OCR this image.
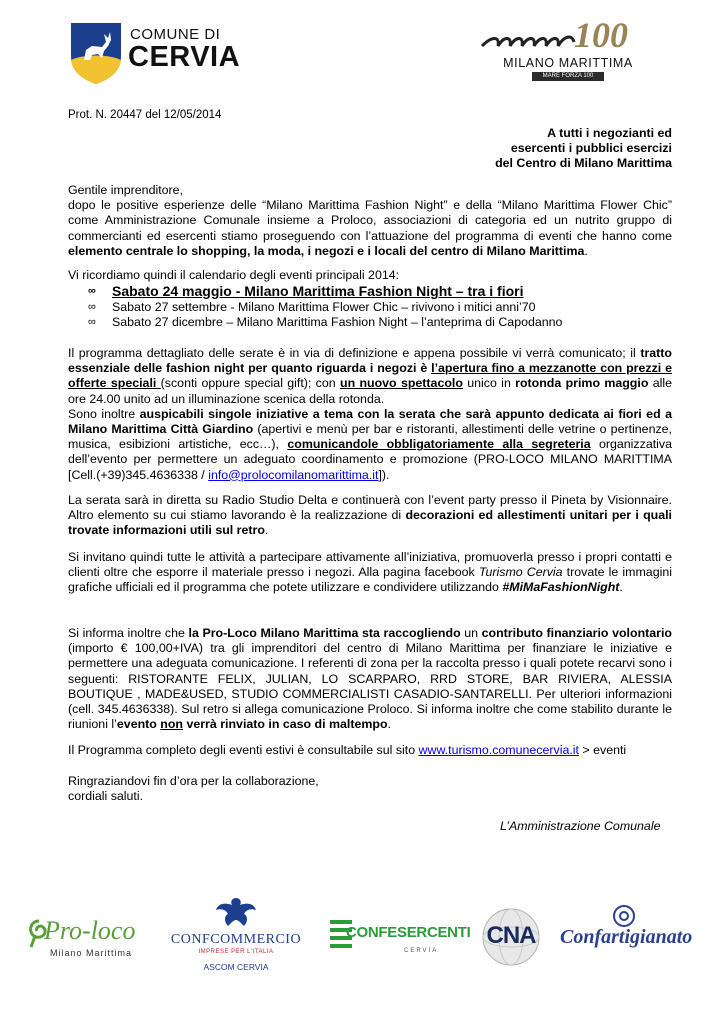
COMUNE DI
CERVIA
100
MILANO MARITTIMA
MARE FORZA 100
Prot. N. 20447 del 12/05/2014
A tutti i negozianti ed
esercenti i pubblici esercizi
del Centro di Milano Marittima
Gentile imprenditore,
dopo le positive esperienze delle “Milano Marittima Fashion Night” e della “Milano Marittima Flower Chic” come Amministrazione Comunale insieme a Proloco, associazioni di categoria ed un nutrito gruppo di commercianti ed esercenti stiamo proseguendo con l’attuazione del programma di eventi che hanno come elemento centrale lo shopping, la moda, i negozi e i locali del centro di Milano Marittima.
Vi ricordiamo quindi il calendario degli eventi principali 2014:
∞ Sabato 24 maggio - Milano Marittima Fashion Night – tra i fiori
∞ Sabato 27 settembre - Milano Marittima Flower Chic – rivivono i mitici anni’70
∞ Sabato 27 dicembre – Milano Marittima Fashion Night – l’anteprima di Capodanno
Il programma dettagliato delle serate è in via di definizione e appena possibile vi verrà comunicato; il tratto essenziale delle fashion night per quanto riguarda i negozi è l’apertura fino a mezzanotte con prezzi e offerte speciali (sconti oppure special gift); con un nuovo spettacolo unico in rotonda primo maggio alle ore 24.00 unito ad un illuminazione scenica della rotonda.
Sono inoltre auspicabili singole iniziative a tema con la serata che sarà appunto dedicata ai fiori ed a Milano Marittima Città Giardino (apertivi e menù per bar e ristoranti, allestimenti delle vetrine o pertinenze, musica, esibizioni artistiche, ecc…), comunicandole obbligatoriamente alla segreteria organizzativa dell’evento per permettere un adeguato coordinamento e promozione (PRO-LOCO MILANO MARITTIMA [Cell.(+39)345.4636338 / info@prolocomilanomarittima.it]).
La serata sarà in diretta su Radio Studio Delta e continuerà con l’event party presso il Pineta by Visionnaire. Altro elemento su cui stiamo lavorando è la realizzazione di decorazioni ed allestimenti unitari per i quali trovate informazioni utili sul retro.
Si invitano quindi tutte le attività a partecipare attivamente all’iniziativa, promuoverla presso i propri contatti e clienti oltre che esporre il materiale presso i negozi. Alla pagina facebook Turismo Cervia trovate le immagini grafiche ufficiali ed il programma che potete utilizzare e condividere utilizzando #MiMaFashionNight.
Si informa inoltre che la Pro-Loco Milano Marittima sta raccogliendo un contributo finanziario volontario (importo € 100,00+IVA) tra gli imprenditori del centro di Milano Marittima per finanziare le iniziative e permettere una adeguata comunicazione. I referenti di zona per la raccolta presso i quali potete recarvi sono i seguenti: RISTORANTE FELIX, JULIAN, LO SCARPARO, RRD STORE, BAR RIVIERA, ALESSIA BOUTIQUE , MADE&USED, STUDIO COMMERCIALISTI CASADIO-SANTARELLI. Per ulteriori informazioni (cell. 345.4636338). Sul retro si allega comunicazione Proloco. Si informa inoltre che come stabilito durante le riunioni l’evento non verrà rinviato in caso di maltempo.
Il Programma completo degli eventi estivi è consultabile sul sito www.turismo.comunecervia.it > eventi
Ringraziandovi fin d’ora per la collaborazione,
cordiali saluti.
L’Amministrazione Comunale
Pro-loco
Milano Marittima
CONFCOMMERCIO
IMPRESE PER L'ITALIA
ASCOM CERVIA
CONFESERCENTI
CERVIA
CNA Confartigianato
